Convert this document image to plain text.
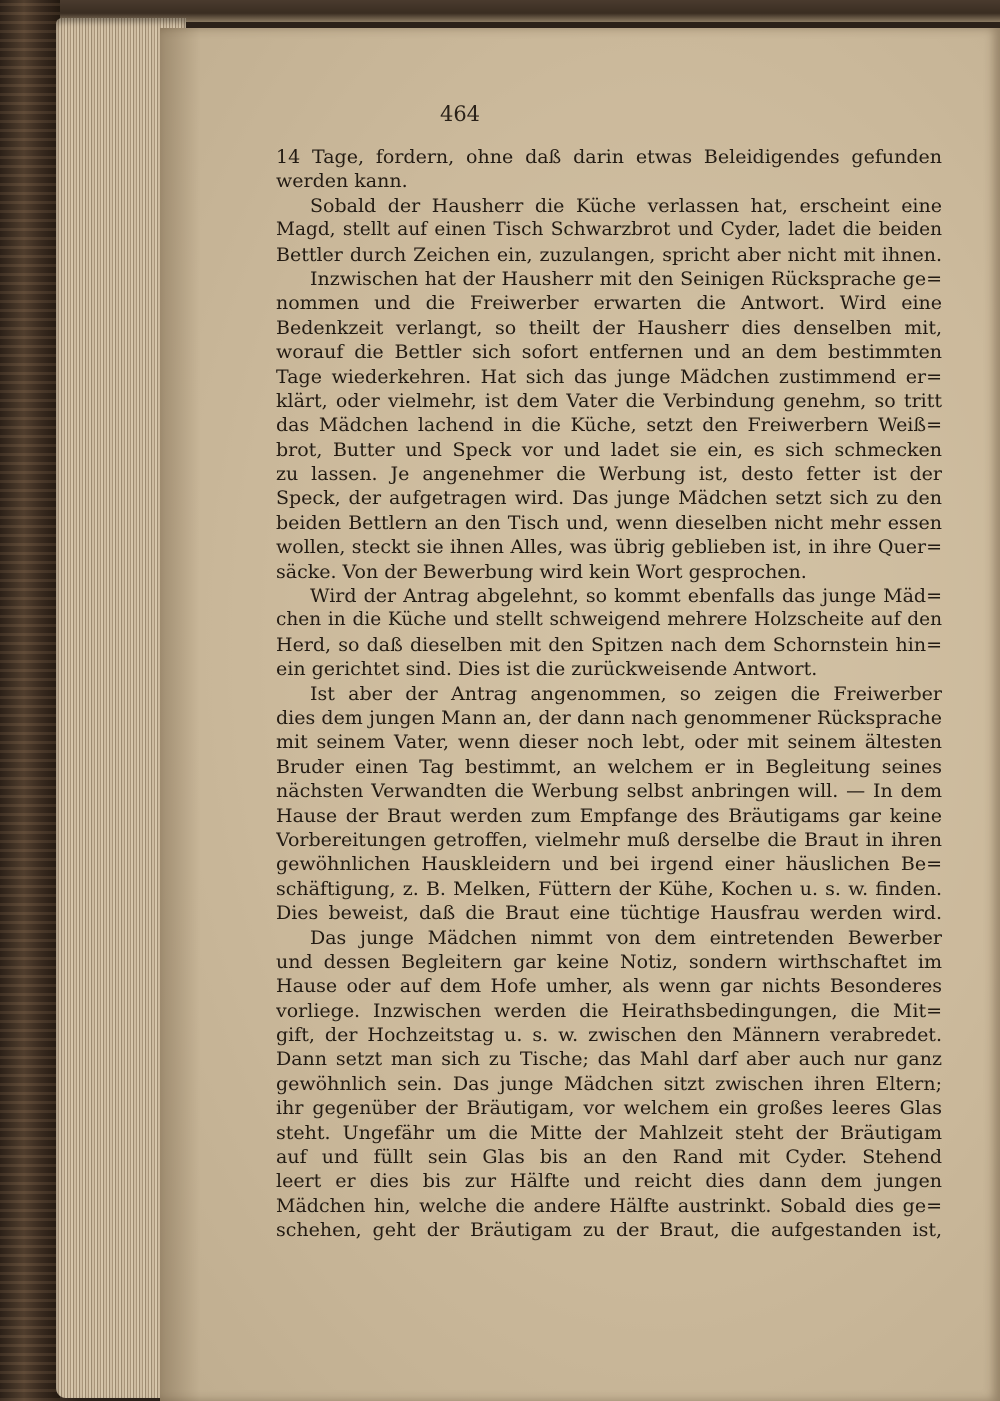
464
14 Tage, fordern, ohne daß darin etwas Beleidigendes gefunden
werden kann.
Sobald der Hausherr die Küche verlassen hat, erscheint eine
Magd, stellt auf einen Tisch Schwarzbrot und Cyder, ladet die beiden
Bettler durch Zeichen ein, zuzulangen, spricht aber nicht mit ihnen.
Inzwischen hat der Hausherr mit den Seinigen Rücksprache ge=
nommen und die Freiwerber erwarten die Antwort. Wird eine
Bedenkzeit verlangt, so theilt der Hausherr dies denselben mit,
worauf die Bettler sich sofort entfernen und an dem bestimmten
Tage wiederkehren. Hat sich das junge Mädchen zustimmend er=
klärt, oder vielmehr, ist dem Vater die Verbindung genehm, so tritt
das Mädchen lachend in die Küche, setzt den Freiwerbern Weiß=
brot, Butter und Speck vor und ladet sie ein, es sich schmecken
zu lassen. Je angenehmer die Werbung ist, desto fetter ist der
Speck, der aufgetragen wird. Das junge Mädchen setzt sich zu den
beiden Bettlern an den Tisch und, wenn dieselben nicht mehr essen
wollen, steckt sie ihnen Alles, was übrig geblieben ist, in ihre Quer=
säcke. Von der Bewerbung wird kein Wort gesprochen.
Wird der Antrag abgelehnt, so kommt ebenfalls das junge Mäd=
chen in die Küche und stellt schweigend mehrere Holzscheite auf den
Herd, so daß dieselben mit den Spitzen nach dem Schornstein hin=
ein gerichtet sind. Dies ist die zurückweisende Antwort.
Ist aber der Antrag angenommen, so zeigen die Freiwerber
dies dem jungen Mann an, der dann nach genommener Rücksprache
mit seinem Vater, wenn dieser noch lebt, oder mit seinem ältesten
Bruder einen Tag bestimmt, an welchem er in Begleitung seines
nächsten Verwandten die Werbung selbst anbringen will. — In dem
Hause der Braut werden zum Empfange des Bräutigams gar keine
Vorbereitungen getroffen, vielmehr muß derselbe die Braut in ihren
gewöhnlichen Hauskleidern und bei irgend einer häuslichen Be=
schäftigung, z. B. Melken, Füttern der Kühe, Kochen u. s. w. finden.
Dies beweist, daß die Braut eine tüchtige Hausfrau werden wird.
Das junge Mädchen nimmt von dem eintretenden Bewerber
und dessen Begleitern gar keine Notiz, sondern wirthschaftet im
Hause oder auf dem Hofe umher, als wenn gar nichts Besonderes
vorliege. Inzwischen werden die Heirathsbedingungen, die Mit=
gift, der Hochzeitstag u. s. w. zwischen den Männern verabredet.
Dann setzt man sich zu Tische; das Mahl darf aber auch nur ganz
gewöhnlich sein. Das junge Mädchen sitzt zwischen ihren Eltern;
ihr gegenüber der Bräutigam, vor welchem ein großes leeres Glas
steht. Ungefähr um die Mitte der Mahlzeit steht der Bräutigam
auf und füllt sein Glas bis an den Rand mit Cyder. Stehend
leert er dies bis zur Hälfte und reicht dies dann dem jungen
Mädchen hin, welche die andere Hälfte austrinkt. Sobald dies ge=
schehen, geht der Bräutigam zu der Braut, die aufgestanden ist,
